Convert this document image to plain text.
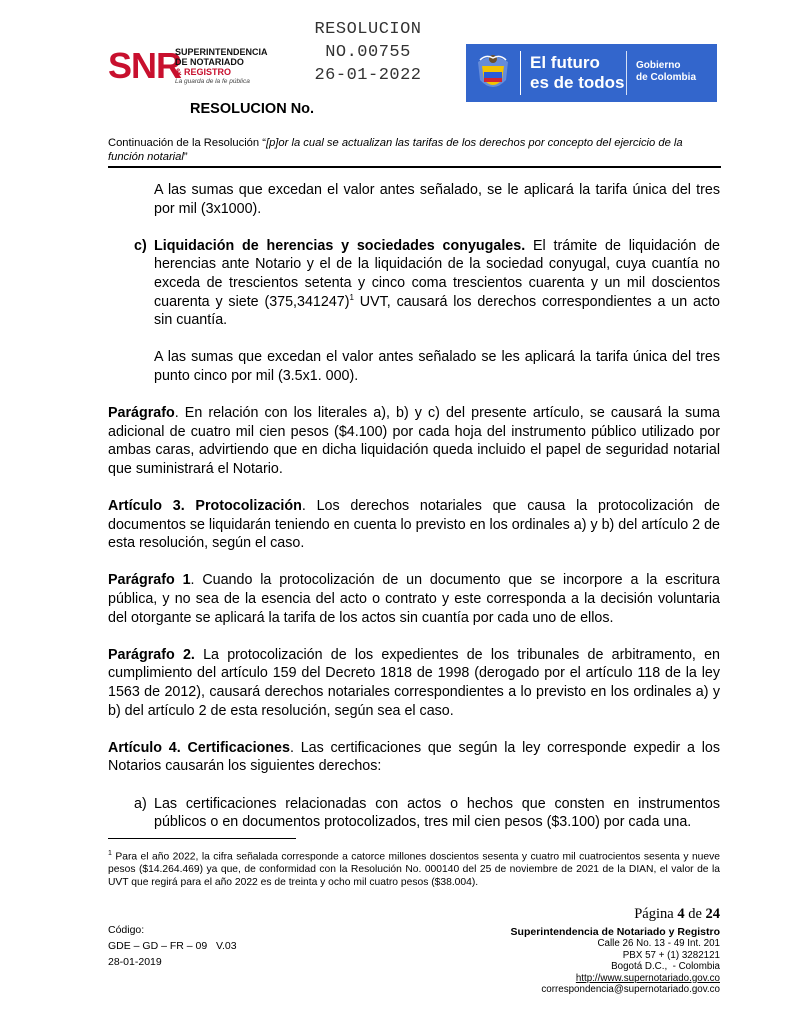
RESOLUCION
NO.00755
26-01-2022
SNR
SUPERINTENDENCIA
DE NOTARIADO
& REGISTRO
La guarda de la fe pública
RESOLUCION No.
El futuro
es de todos
Gobierno
de Colombia
Continuación de la Resolución “[p]or la cual se actualizan las tarifas de los derechos por concepto del ejercicio de la función notarial”

A las sumas que excedan el valor antes señalado, se le aplicará la tarifa única del tres por mil (3x1000).

c) Liquidación de herencias y sociedades conyugales. El trámite de liquidación de herencias ante Notario y el de la liquidación de la sociedad conyugal, cuya cuantía no exceda de trescientos setenta y cinco coma trescientos cuarenta y un mil doscientos cuarenta y siete $(375,341247)^1$ UVT, causará los derechos correspondientes a un acto sin cuantía.

A las sumas que excedan el valor antes señalado se les aplicará la tarifa única del tres punto cinco por mil (3.5x1. 000).

Parágrafo. En relación con los literales a), b) y c) del presente artículo, se causará la suma adicional de cuatro mil cien pesos ($4.100) por cada hoja del instrumento público utilizado por ambas caras, advirtiendo que en dicha liquidación queda incluido el papel de seguridad notarial que suministrará el Notario.

Artículo 3. Protocolización. Los derechos notariales que causa la protocolización de documentos se liquidarán teniendo en cuenta lo previsto en los ordinales a) y b) del artículo 2 de esta resolución, según el caso.

Parágrafo 1. Cuando la protocolización de un documento que se incorpore a la escritura pública, y no sea de la esencia del acto o contrato y este corresponda a la decisión voluntaria del otorgante se aplicará la tarifa de los actos sin cuantía por cada uno de ellos.

Parágrafo 2. La protocolización de los expedientes de los tribunales de arbitramento, en cumplimiento del artículo 159 del Decreto 1818 de 1998 (derogado por el artículo 118 de la ley 1563 de 2012), causará derechos notariales correspondientes a lo previsto en los ordinales a) y b) del artículo 2 de esta resolución, según sea el caso.

Artículo 4. Certificaciones. Las certificaciones que según la ley corresponde expedir a los Notarios causarán los siguientes derechos:

a) Las certificaciones relacionadas con actos o hechos que consten en instrumentos públicos o en documentos protocolizados, tres mil cien pesos ($3.100) por cada una.

$^1$ Para el año 2022, la cifra señalada corresponde a catorce millones doscientos sesenta y cuatro mil cuatrocientos sesenta y nueve pesos ($14.264.469) ya que, de conformidad con la Resolución No. 000140 del 25 de noviembre de 2021 de la DIAN, el valor de la UVT que regirá para el año 2022 es de treinta y ocho mil cuatro pesos ($38.004).
Código:
GDE – GD – FR – 09   V.03
28-01-2019
Página 4 de 24
Superintendencia de Notariado y Registro
Calle 26 No. 13 - 49 Int. 201
PBX 57 + (1) 3282121
Bogotá D.C.,  - Colombia
http://www.supernotariado.gov.co
correspondencia@supernotariado.gov.co
